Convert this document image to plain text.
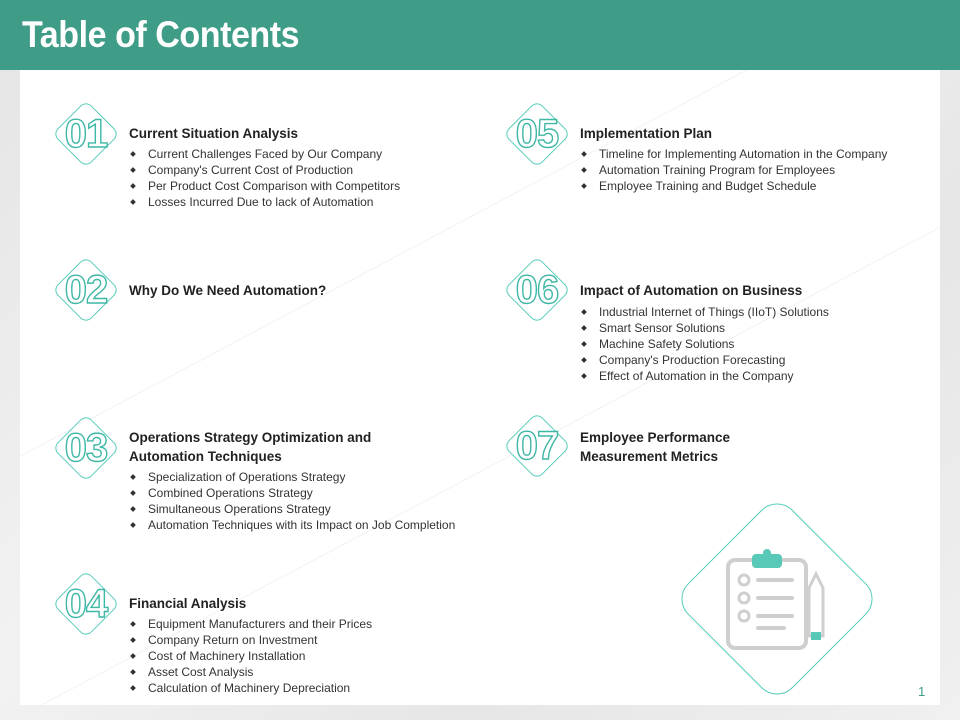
Table of Contents
01	Current Situation Analysis
Current Challenges Faced by Our Company
Company's Current Cost of Production
Per Product Cost Comparison with Competitors
Losses Incurred Due to lack of Automation
02	Why Do We Need Automation?
03	Operations Strategy Optimization and
Automation Techniques
Specialization of Operations Strategy
Combined Operations Strategy
Simultaneous Operations Strategy
Automation Techniques with its Impact on Job Completion
04	Financial Analysis
Equipment Manufacturers and their Prices
Company Return on Investment
Cost of Machinery Installation
Asset Cost Analysis
Calculation of Machinery Depreciation
05	Implementation Plan
Timeline for Implementing Automation in the Company
Automation Training Program for Employees
Employee Training and Budget Schedule
06	Impact of Automation on Business
Industrial Internet of Things (IIoT) Solutions
Smart Sensor Solutions
Machine Safety Solutions
Company's Production Forecasting
Effect of Automation in the Company
07	Employee Performance
Measurement Metrics
1
